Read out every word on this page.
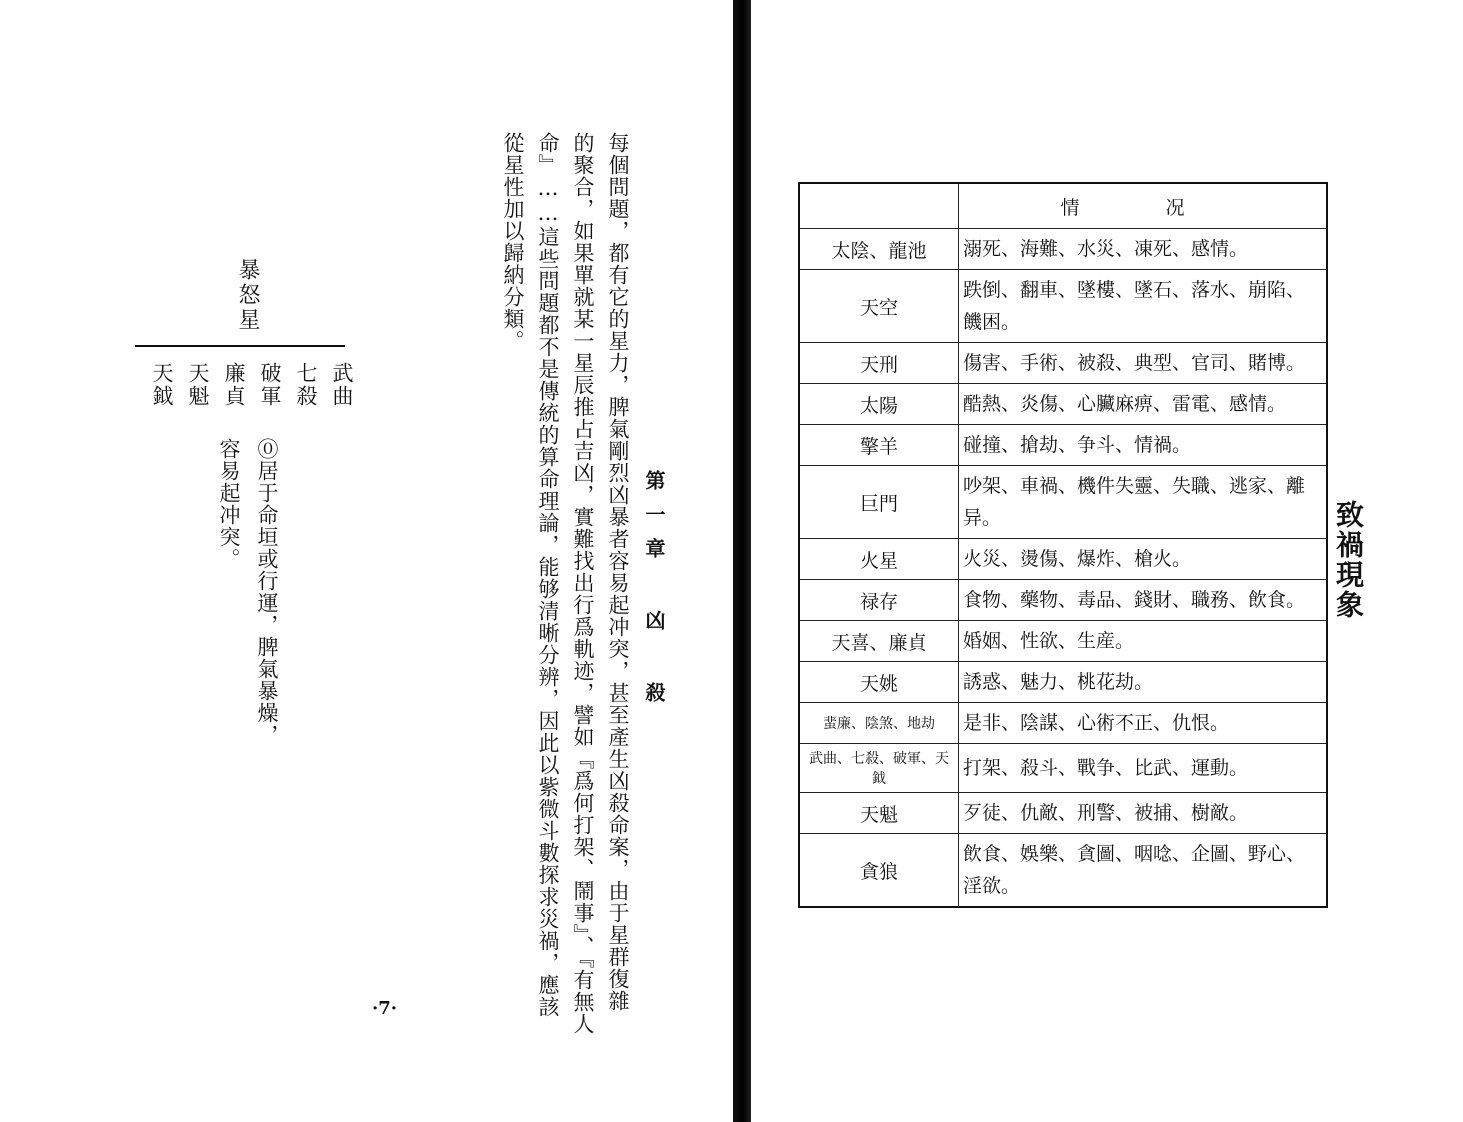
第一章 凶 殺
每個問題，都有它的星力，脾氣剛烈凶暴者容易起冲突，甚至產生凶殺命案，由于星群復雜
的聚合，如果單就某一星辰推占吉凶，實難找出行爲軌迹，譬如『爲何打架、鬧事』、『有無人
命』……這些問題都不是傳統的算命理論，能够清晰分辨，因此以紫微斗數探求災禍，應該
從星性加以歸納分類。
暴怒星
武曲
七殺
破軍
廉貞
天魁
天鉞
⓪居于命垣或行運，脾氣暴燥，
容易起冲突。
·7·
	情 况
太陰、龍池	溺死、海難、水災、凍死、感情。
天空	跌倒、翻車、墜樓、墜石、落水、崩陷、饑困。
天刑	傷害、手術、被殺、典型、官司、賭博。
太陽	酷熱、炎傷、心臟麻痹、雷電、感情。
擎羊	碰撞、搶劫、争斗、情禍。
巨門	吵架、車禍、機件失靈、失職、逃家、離异。
火星	火災、燙傷、爆炸、槍火。
禄存	食物、藥物、毒品、錢財、職務、飲食。
天喜、廉貞	婚姻、性欲、生産。
天姚	誘惑、魅力、桃花劫。
蜚廉、陰煞、地劫	是非、陰謀、心術不正、仇恨。
武曲、七殺、破軍、天鉞	打架、殺斗、戰争、比武、運動。
天魁	歹徒、仇敵、刑警、被捕、樹敵。
貪狼	飲食、娛樂、貪圖、咽唸、企圖、野心、淫欲。
致禍現象
